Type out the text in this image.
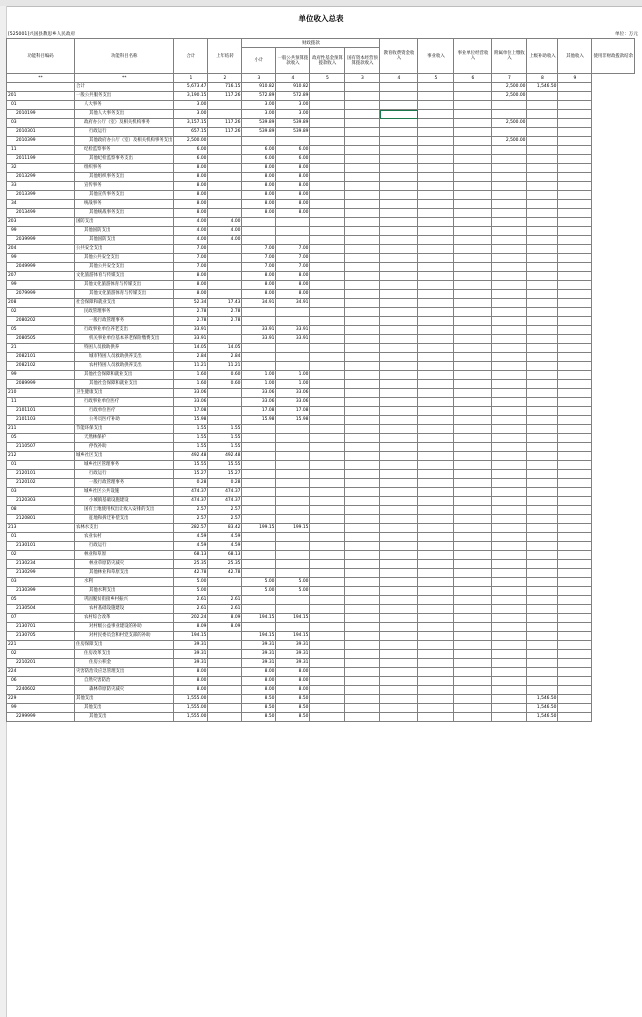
单位收入总表
[525001]兴国县教思乡人民政府	单位：万元
功能科目编码	功能科目名称	合计	上年结转	财政拨款				教育收费资金收入	事业收入	事业单位经营收入	附属单位上缴收入	上级补助收入	其他收入	使用非财政拨款结余
				小计	一般公共预算拨款收入	政府性基金预算拨款收入	国有资本经营预算拨款收入							
**	**	1	2	3	4	5	3	4	5	6	7	8	9	
	合计	5,673.47	716.15	910.82	910.82						2,500.00	1,546.50		
201	一般公共服务支出	3,190.15	117.26	572.89	572.89						2,500.00			
01	人大事务	3.00		3.00	3.00									
2010199	其他人大事务支出	3.00		3.00	3.00									
03	政府办公厅（室）及相关机构事务	3,157.15	117.26	539.89	539.89						2,500.00			
2010301	行政运行	657.15	117.26	539.89	539.89									
2010399	其他政府办公厅（室）及相关机构事务支出	2,500.00									2,500.00			
11	纪检监察事务	6.00		6.00	6.00									
2011199	其他纪检监察事务支出	6.00		6.00	6.00									
32	组织事务	8.00		8.00	8.00									
2013299	其他组织事务支出	8.00		8.00	8.00									
33	宣传事务	8.00		8.00	8.00									
2013399	其他宣传事务支出	8.00		8.00	8.00									
34	统战事务	8.00		8.00	8.00									
2013499	其他统战事务支出	8.00		8.00	8.00									
203	国防支出	4.00	4.00											
99	其他国防支出	4.00	4.00											
2039999	其他国防支出	4.00	4.00											
204	公共安全支出	7.00		7.00	7.00									
99	其他公共安全支出	7.00		7.00	7.00									
2049999	其他公共安全支出	7.00		7.00	7.00									
207	文化旅游体育与传媒支出	8.00		8.00	8.00									
99	其他文化旅游体育与传媒支出	8.00		8.00	8.00									
2079999	其他文化旅游体育与传媒支出	8.00		8.00	8.00									
208	社会保障和就业支出	52.34	17.43	34.91	34.91									
02	民政管理事务	2.78	2.78											
2080202	一般行政管理事务	2.78	2.78											
05	行政事业单位养老支出	33.91		33.91	33.91									
2080505	机关事业单位基本养老保险缴费支出	33.91		33.91	33.91									
21	特困人员救助供养	14.05	14.05											
2082101	城市特困人员救助供养支出	2.84	2.84											
2082102	农村特困人员救助供养支出	11.21	11.21											
99	其他社会保障和就业支出	1.60	0.60	1.00	1.00									
2089999	其他社会保障和就业支出	1.60	0.60	1.00	1.00									
210	卫生健康支出	33.06		33.06	33.06									
11	行政事业单位医疗	33.06		33.06	33.06									
2101101	行政单位医疗	17.08		17.08	17.08									
2101103	公务员医疗补助	15.98		15.98	15.98									
211	节能环保支出	1.55	1.55											
05	天然林保护	1.55	1.55											
2110507	停伐补助	1.55	1.55											
212	城乡社区支出	492.48	492.48											
01	城乡社区管理事务	15.55	15.55											
2120101	行政运行	15.27	15.27											
2120102	一般行政管理事务	0.28	0.28											
03	城乡社区公共设施	474.37	474.37											
2120303	小城镇基础设施建设	474.37	474.37											
08	国有土地使用权出让收入安排的支出	2.57	2.57											
2120801	征地和拆迁补偿支出	2.57	2.57											
213	农林水支出	282.57	83.42	199.15	199.15									
01	农业农村	4.59	4.59											
2130101	行政运行	4.59	4.59											
02	林业和草原	68.13	68.13											
2130234	林业草原防灾减灾	25.35	25.35											
2130299	其他林业和草原支出	42.78	42.78											
03	水利	5.00		5.00	5.00									
2130399	其他水利支出	5.00		5.00	5.00									
05	巩固脱贫衔接乡村振兴	2.61	2.61											
2130504	农村基础设施建设	2.61	2.61											
07	农村综合改革	202.24	8.09	194.15	194.15									
2130701	对村级公益事业建设的补助	8.09	8.09											
2130705	对村民委员会和村党支部的补助	194.15		194.15	194.15									
221	住房保障支出	39.31		39.31	39.31									
02	住房改革支出	39.31		39.31	39.31									
2210201	住房公积金	39.31		39.31	39.31									
224	灾害防治及应急管理支出	8.00		8.00	8.00									
06	自然灾害防治	8.00		8.00	8.00									
2240602	森林草原防灾减灾	8.00		8.00	8.00									
229	其他支出	1,555.00		8.50	8.50							1,546.50		
99	其他支出	1,555.00		8.50	8.50							1,546.50		
2299999	其他支出	1,555.00		8.50	8.50							1,546.50		
